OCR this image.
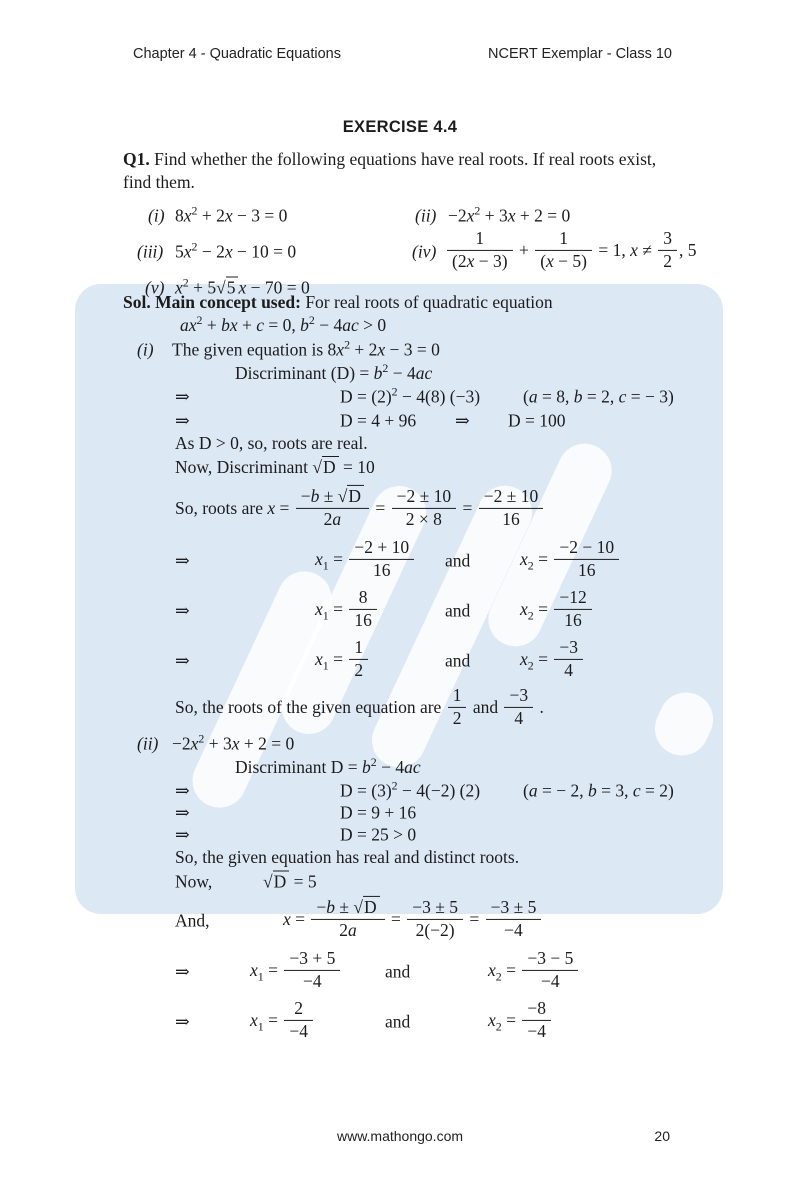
Chapter 4 - Quadratic Equations	NCERT Exemplar - Class 10
EXERCISE 4.4
Q1. Find whether the following equations have real roots. If real roots exist, find them.
(i) $8x^2 + 2x - 3 = 0$	$(ii) -2x^2 + 3x + 2 = 0$
(iii) $5x^2 - 2x - 10 = 0$	$(iv) \frac{1}{(2x - 3)} + \frac{1}{(x - 5)} = 1$, $x \ne \frac{3}{2}$ , 5
(v) $x^2 + 5√5$ x − 70 = 0
Sol. Main concept used: For real roots of quadratic equation
$ax^2$ + bx + c = 0, $b^2 - 4ac > 0$
(i) The given equation is $8x^2 + 2x - 3 = 0$
Discriminant $(D) = b^2 - 4ac$
⇒	$D = (2)^2 - 4(8)$ (−3) (a = 8, b = 2, c = − 3)
⇒	D = 4 + 96 ⇒ D = 100
As D > 0, so, roots are real.
Now, Discriminant √D = 10
So, roots are $x = \frac{-b \pm √D}{2a} = \frac{-2 \pm 10}{2 \times 8} = \frac{-2 \pm 10}{16}$
⇒	$x_1 = \frac{-2 + 10}{16}$ and	$x_2 = \frac{-2 - 10}{16}$
⇒	$x_1 = \frac{8}{16}$	and	$x_2 = \frac{-12}{16}$
⇒	$x_1 = \frac{1}{2}$	and	$x_2 = \frac{-3}{4}$
So, the roots of the given equation are $\frac{1}{2}$ and $\frac{-3}{4}$ .
$(ii) -2x^2 + 3x + 2 = 0$
Discriminant $D = b^2 - 4ac$
⇒	$D = (3)^2 - 4(-2)$ (2) (a = − 2, b = 3, c = 2)
⇒	D = 9 + 16
⇒	D = 25 > 0
So, the given equation has real and distinct roots.
Now,	√D = 5
And,	$x = \frac{-b \pm √D}{2a} = \frac{-3 \pm 5}{2(-2)} = \frac{-3 \pm 5}{-4}$
⇒	$x_1 = \frac{-3 + 5}{-4}$	and	$x_2 = \frac{-3 - 5}{-4}$
⇒	$x_1 = \frac{2}{-4}$	and	$x_2 = \frac{-8}{-4}$
www.mathongo.com	20
